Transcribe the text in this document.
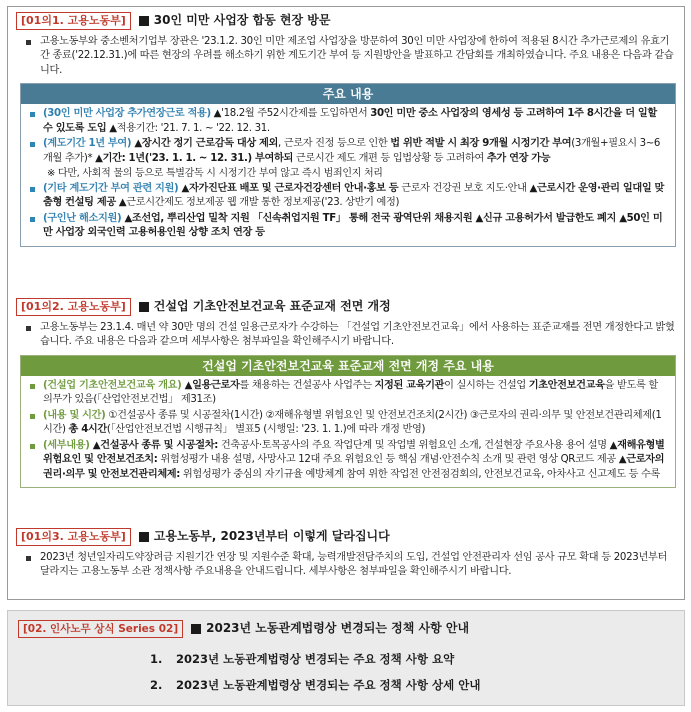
[01의1. 고용노동부]	30인 미만 사업장 합동 현장 방문
고용노동부와 중소벤처기업부 장관은 '23.1.2. 30인 미만 제조업 사업장을 방문하여 30인 미만 사업장에 한하여 적용된 8시간 추가근로제의 유효기간 종료('22.12.31.)에 따른 현장의 우려를 해소하기 위한 계도기간 부여 등 지원방안을 발표하고 간담회를 개최하였습니다. 주요 내용은 다음과 같습니다.
주요 내용
(30인 미만 사업장 추가연장근로 적용) ▲'18.2월 주52시간제를 도입하면서 30인 미만 중소 사업장의 영세성 등 고려하여 1주 8시간을 더 일할 수 있도록 도입 ▲적용기간: '21. 7. 1. ~ '22. 12. 31.
(계도기간 1년 부여) ▲장시간 정기 근로감독 대상 제외, 근로자 진정 등으로 인한 법 위반 적발 시 최장 9개월 시정기간 부여(3개월+필요시 3~6개월 추가)* ▲기간: 1년('23. 1. 1. ~ 12. 31.) 부여하되 근로시간 제도 개편 등 입법상황 등 고려하여 추가 연장 가능
※ 다만, 사회적 물의 등으로 특별감독 시 시정기간 부여 않고 즉시 범죄인지 처리
(기타 계도기간 부여 관련 지원) ▲자가진단표 배포 및 근로자건강센터 안내·홍보 등 근로자 건강권 보호 지도·안내 ▲근로시간 운영·관리 일대일 맞춤형 컨설팅 제공 ▲근로시간제도 정보제공 웹 개발 통한 정보제공('23. 상반기 예정)
(구인난 해소지원) ▲조선업, 뿌리산업 밀착 지원 「신속취업지원 TF」 통해 전국 광역단위 채용지원 ▲신규 고용허가서 발급한도 폐지 ▲50인 미만 사업장 외국인력 고용허용인원 상향 조치 연장 등
[01의2. 고용노동부]	건설업 기초안전보건교육 표준교재 전면 개정
고용노동부는 23.1.4. 매년 약 30만 명의 건설 일용근로자가 수강하는 「건설업 기초안전보건교육」에서 사용하는 표준교재를 전면 개정한다고 밝혔습니다. 주요 내용은 다음과 같으며 세부사항은 첨부파일을 확인해주시기 바랍니다.
건설업 기초안전보건교육 표준교재 전면 개정 주요 내용
(건설업 기초안전보건교육 개요) ▲일용근로자를 채용하는 건설공사 사업주는 지정된 교육기관이 실시하는 건설업 기초안전보건교육을 받도록 할 의무가 있음(「산업안전보건법」 제31조)
(내용 및 시간) ①건설공사 종류 및 시공절차(1시간) ②재해유형별 위험요인 및 안전보건조치(2시간) ③근로자의 권리·의무 및 안전보건관리체제(1시간) 총 4시간(「산업안전보건법 시행규칙」 별표5 (시행일: '23. 1. 1.)에 따라 개정 반영)
(세부내용) ▲건설공사 종류 및 시공절차: 건축공사·토목공사의 주요 작업단계 및 작업별 위험요인 소개, 건설현장 주요사용 용어 설명 ▲재해유형별 위험요인 및 안전보건조치: 위험성평가 내용 설명, 사망사고 12대 주요 위험요인 등 핵심 개념·안전수칙 소개 및 관련 영상 QR코드 제공 ▲근로자의 권리·의무 및 안전보건관리체제: 위험성평가 중심의 자기규율 예방체계 참여 위한 작업전 안전점검회의, 안전보건교육, 아차사고 신고제도 등 수록
[01의3. 고용노동부]	고용노동부, 2023년부터 이렇게 달라집니다
2023년 청년일자리도약장려금 지원기간 연장 및 지원수준 확대, 능력개발전담주치의 도입, 건설업 안전관리자 선임 공사 규모 확대 등 2023년부터 달라지는 고용노동부 소관 정책사항 주요내용을 안내드립니다. 세부사항은 첨부파일을 확인해주시기 바랍니다.
[02. 인사노무 상식 Series 02]	2023년 노동관계법령상 변경되는 정책 사항 안내
1. 2023년 노동관계법령상 변경되는 주요 정책 사항 요약
2. 2023년 노동관계법령상 변경되는 주요 정책 사항 상세 안내
